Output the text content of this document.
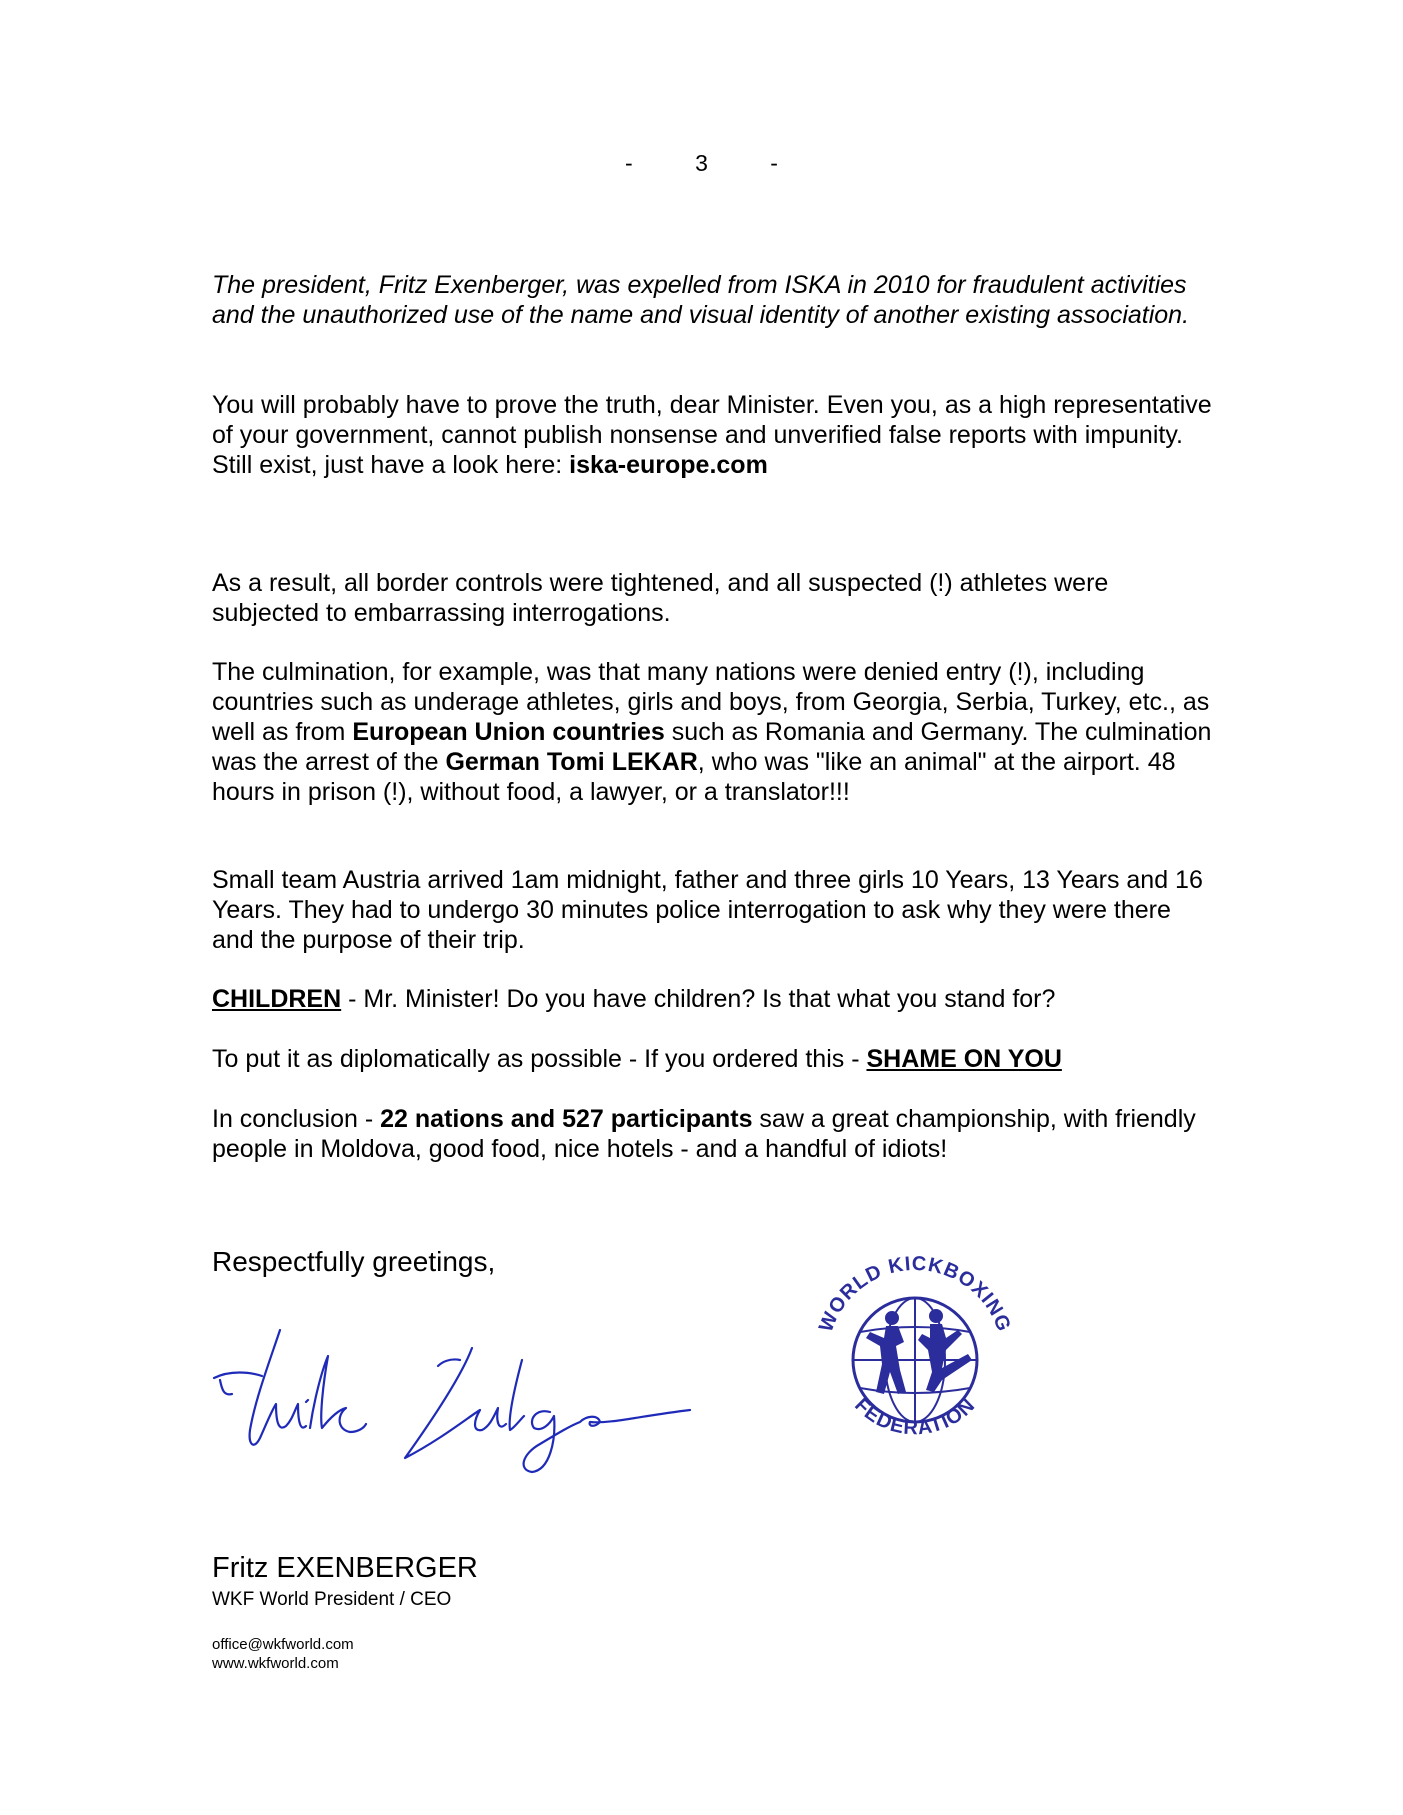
-	3	-

The president, Fritz Exenberger, was expelled from ISKA in 2010 for fraudulent activities and the unauthorized use of the name and visual identity of another existing association.

You will probably have to prove the truth, dear Minister. Even you, as a high representative of your government, cannot publish nonsense and unverified false reports with impunity. Still exist, just have a look here: iska-europe.com

As a result, all border controls were tightened, and all suspected (!) athletes were subjected to embarrassing interrogations.

The culmination, for example, was that many nations were denied entry (!), including countries such as underage athletes, girls and boys, from Georgia, Serbia, Turkey, etc., as well as from European Union countries such as Romania and Germany. The culmination was the arrest of the German Tomi LEKAR, who was "like an animal" at the airport. 48 hours in prison (!), without food, a lawyer, or a translator!!!

Small team Austria arrived 1am midnight, father and three girls 10 Years, 13 Years and 16 Years. They had to undergo 30 minutes police interrogation to ask why they were there and the purpose of their trip.

CHILDREN - Mr. Minister! Do you have children? Is that what you stand for?

To put it as diplomatically as possible - If you ordered this - SHAME ON YOU

In conclusion - 22 nations and 527 participants saw a great championship, with friendly people in Moldova, good food, nice hotels - and a handful of idiots!

Respectfully greetings,
WORLD KICKBOXING
FEDERATION
Fritz EXENBERGER
WKF World President / CEO
office@wkfworld.com
www.wkfworld.com
